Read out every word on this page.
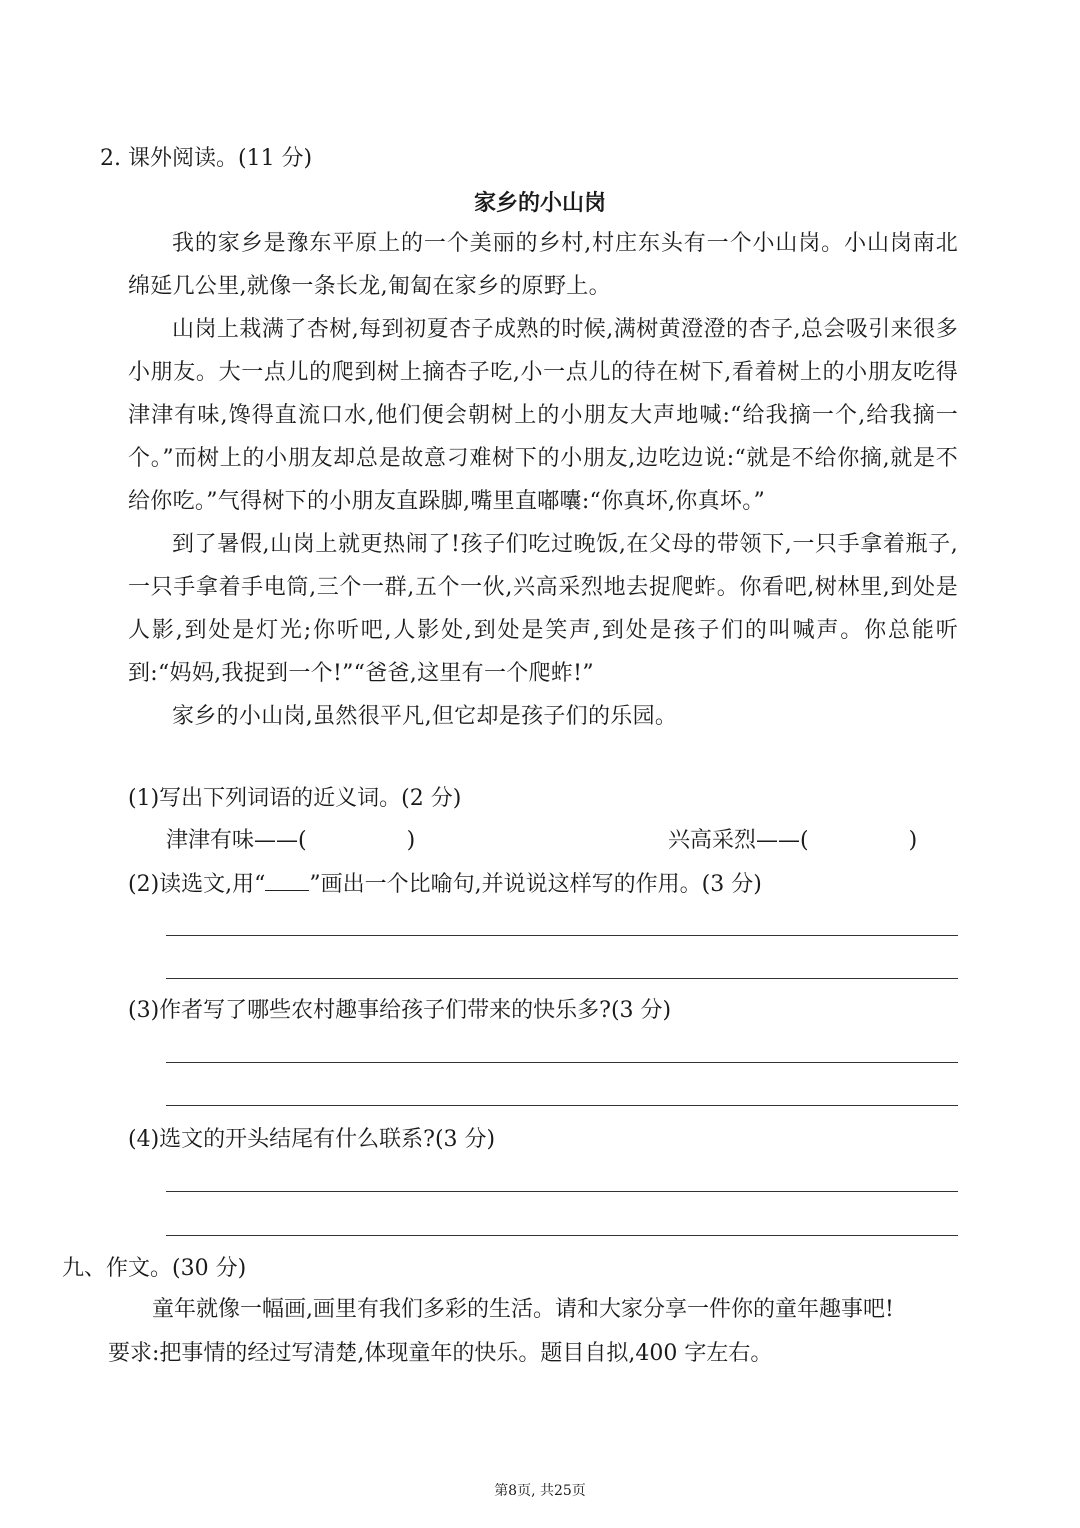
2. 课外阅读。(11 分)
家乡的小山岗

我的家乡是豫东平原上的一个美丽的乡村,村庄东头有一个小山岗。小山岗南北绵延几公里,就像一条长龙,匍匐在家乡的原野上。

山岗上栽满了杏树,每到初夏杏子成熟的时候,满树黄澄澄的杏子,总会吸引来很多小朋友。大一点儿的爬到树上摘杏子吃,小一点儿的待在树下,看着树上的小朋友吃得津津有味,馋得直流口水,他们便会朝树上的小朋友大声地喊:“给我摘一个,给我摘一个。”而树上的小朋友却总是故意刁难树下的小朋友,边吃边说:“就是不给你摘,就是不给你吃。”气得树下的小朋友直跺脚,嘴里直嘟囔:“你真坏,你真坏。”

到了暑假,山岗上就更热闹了!孩子们吃过晚饭,在父母的带领下,一只手拿着瓶子,一只手拿着手电筒,三个一群,五个一伙,兴高采烈地去捉爬蚱。你看吧,树林里,到处是人影,到处是灯光;你听吧,人影处,到处是笑声,到处是孩子们的叫喊声。你总能听到:“妈妈,我捉到一个!”“爸爸,这里有一个爬蚱!”

家乡的小山岗,虽然很平凡,但它却是孩子们的乐园。

(1)写出下列词语的近义词。(2 分)
津津有味——(	)	兴高采烈——(	)
(2)读选文,用“ ”画出一个比喻句,并说说这样写的作用。(3 分)
(3)作者写了哪些农村趣事给孩子们带来的快乐多?(3 分)
(4)选文的开头结尾有什么联系?(3 分)
九、作文。(30 分)
童年就像一幅画,画里有我们多彩的生活。请和大家分享一件你的童年趣事吧!
要求:把事情的经过写清楚,体现童年的快乐。题目自拟,400 字左右。
第8页, 共25页
